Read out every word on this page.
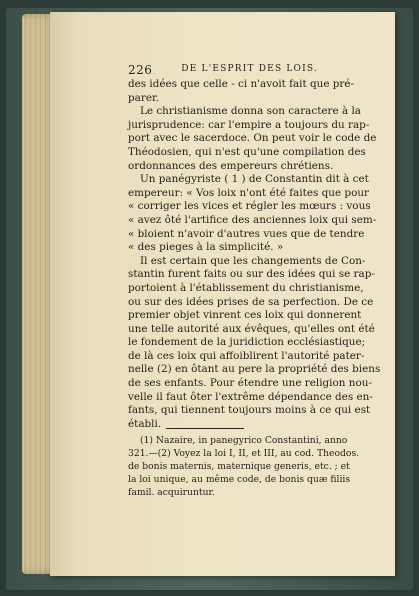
226	DE L'ESPRIT DES LOIS.
des idées que celle - ci n'avoit fait que pré-
parer.
Le christianisme donna son caractere à la
jurisprudence: car l'empire a toujours du rap-
port avec le sacerdoce. On peut voir le code de
Théodosien, qui n'est qu'une compilation des
ordonnances des empereurs chrétiens.
Un panégyriste ( 1 ) de Constantin dit à cet
empereur: « Vos loix n'ont été faites que pour
« corriger les vices et régler les mœurs : vous
« avez ôté l'artifice des anciennes loix qui sem-
« bloient n'avoir d'autres vues que de tendre
« des pieges à la simplicité. »
Il est certain que les changements de Con-
stantin furent faits ou sur des idées qui se rap-
portoient à l'établissement du christianisme,
ou sur des idées prises de sa perfection. De ce
premier objet vinrent ces loix qui donnerent
une telle autorité aux évêques, qu'elles ont été
le fondement de la juridiction ecclésiastique;
de là ces loix qui affoiblirent l'autorité pater-
nelle (2) en ôtant au pere la propriété des biens
de ses enfants. Pour étendre une religion nou-
velle il faut ôter l'extrême dépendance des en-
fants, qui tiennent toujours moins à ce qui est
établi.
(1) Nazaire, in panegyrico Constantini, anno
321.—(2) Voyez la loi I, II, et III, au cod. Theodos.
de bonis maternis, maternique generis, etc. ; et
la loi unique, au même code, de bonis quæ filiis
famil. acquiruntur.
